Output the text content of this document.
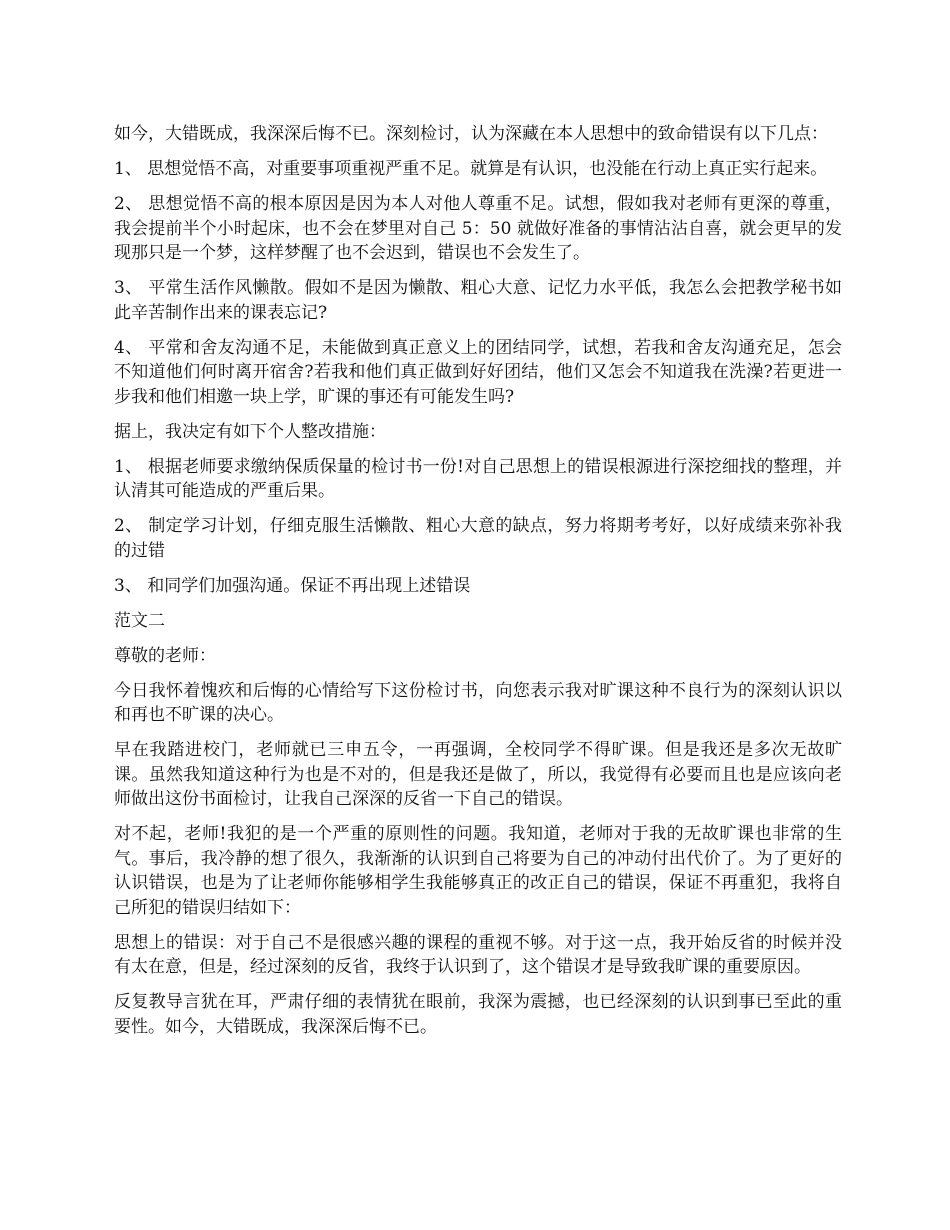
如今，大错既成，我深深后悔不已。深刻检讨，认为深藏在本人思想中的致命错误有以下几点：

1、 思想觉悟不高，对重要事项重视严重不足。就算是有认识，也没能在行动上真正实行起来。

2、 思想觉悟不高的根本原因是因为本人对他人尊重不足。试想，假如我对老师有更深的尊重，我会提前半个小时起床，也不会在梦里对自己 5：50 就做好准备的事情沾沾自喜，就会更早的发现那只是一个梦，这样梦醒了也不会迟到，错误也不会发生了。

3、 平常生活作风懒散。假如不是因为懒散、粗心大意、记忆力水平低，我怎么会把教学秘书如此辛苦制作出来的课表忘记?

4、 平常和舍友沟通不足，未能做到真正意义上的团结同学，试想，若我和舍友沟通充足，怎会不知道他们何时离开宿舍?若我和他们真正做到好好团结，他们又怎会不知道我在洗澡?若更进一步我和他们相邀一块上学，旷课的事还有可能发生吗?

据上，我决定有如下个人整改措施：

1、 根据老师要求缴纳保质保量的检讨书一份!对自己思想上的错误根源进行深挖细找的整理，并认清其可能造成的严重后果。

2、 制定学习计划，仔细克服生活懒散、粗心大意的缺点，努力将期考考好，以好成绩来弥补我的过错

3、 和同学们加强沟通。保证不再出现上述错误

范文二

尊敬的老师：

今日我怀着愧疚和后悔的心情给写下这份检讨书，向您表示我对旷课这种不良行为的深刻认识以和再也不旷课的决心。

早在我踏进校门，老师就已三申五令，一再强调，全校同学不得旷课。但是我还是多次无故旷课。虽然我知道这种行为也是不对的，但是我还是做了，所以，我觉得有必要而且也是应该向老师做出这份书面检讨，让我自己深深的反省一下自己的错误。

对不起，老师!我犯的是一个严重的原则性的问题。我知道，老师对于我的无故旷课也非常的生气。事后，我冷静的想了很久，我渐渐的认识到自己将要为自己的冲动付出代价了。为了更好的认识错误，也是为了让老师你能够相学生我能够真正的改正自己的错误，保证不再重犯，我将自己所犯的错误归结如下：

思想上的错误：对于自己不是很感兴趣的课程的重视不够。对于这一点，我开始反省的时候并没有太在意，但是，经过深刻的反省，我终于认识到了，这个错误才是导致我旷课的重要原因。

反复教导言犹在耳，严肃仔细的表情犹在眼前，我深为震撼，也已经深刻的认识到事已至此的重要性。如今，大错既成，我深深后悔不已。
